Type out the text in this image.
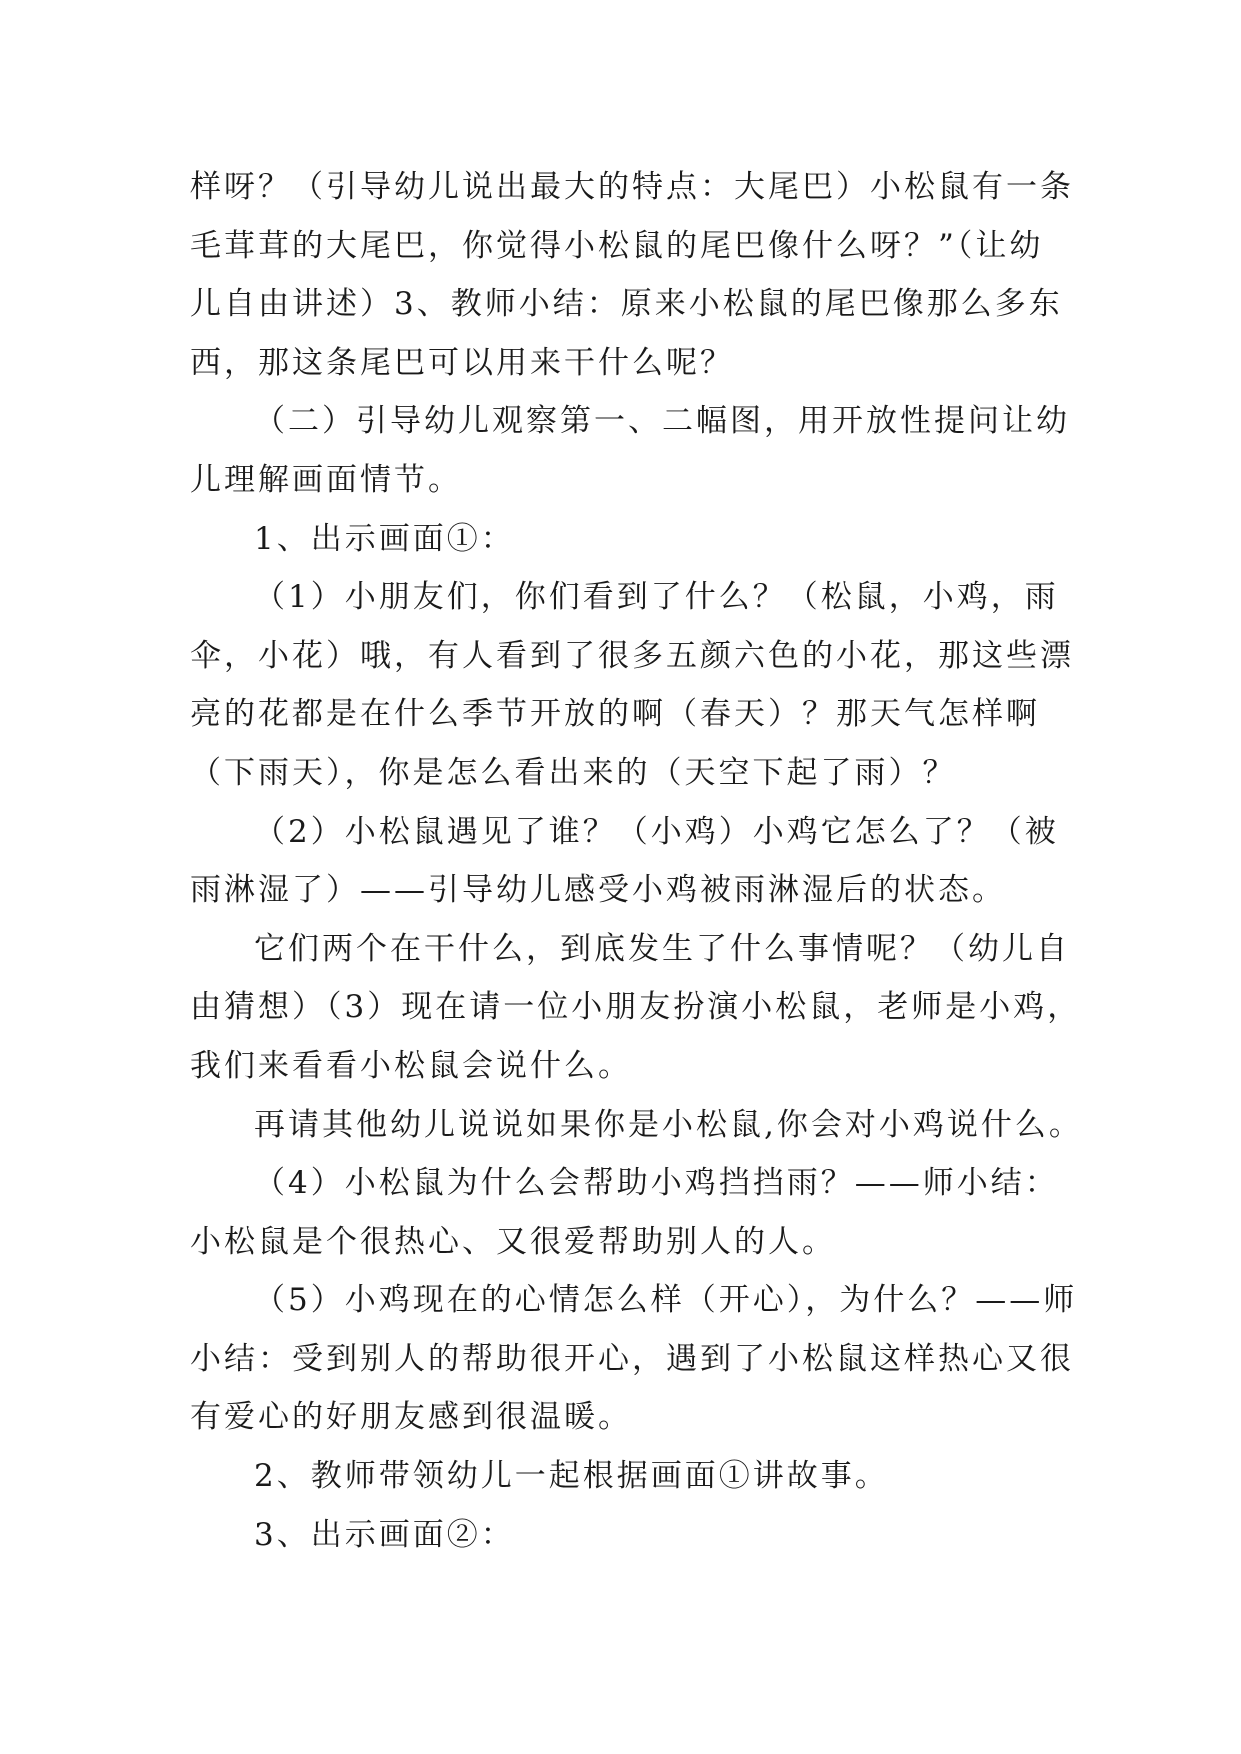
样呀？（引导幼儿说出最大的特点：大尾巴）小松鼠有一条
毛茸茸的大尾巴，你觉得小松鼠的尾巴像什么呀？”（让幼
儿自由讲述）3、教师小结：原来小松鼠的尾巴像那么多东
西，那这条尾巴可以用来干什么呢？
（二）引导幼儿观察第一、二幅图，用开放性提问让幼
儿理解画面情节。
1、出示画面①：
（1）小朋友们，你们看到了什么？（松鼠，小鸡，雨
伞，小花）哦，有人看到了很多五颜六色的小花，那这些漂
亮的花都是在什么季节开放的啊（春天）？那天气怎样啊
（下雨天），你是怎么看出来的（天空下起了雨）？
（2）小松鼠遇见了谁？（小鸡）小鸡它怎么了？（被
雨淋湿了）——引导幼儿感受小鸡被雨淋湿后的状态。
它们两个在干什么，到底发生了什么事情呢？（幼儿自
由猜想）（3）现在请一位小朋友扮演小松鼠，老师是小鸡，
我们来看看小松鼠会说什么。
再请其他幼儿说说如果你是小松鼠,你会对小鸡说什么。
（4）小松鼠为什么会帮助小鸡挡挡雨？——师小结：
小松鼠是个很热心、又很爱帮助别人的人。
（5）小鸡现在的心情怎么样（开心），为什么？——师
小结：受到别人的帮助很开心，遇到了小松鼠这样热心又很
有爱心的好朋友感到很温暖。
2、教师带领幼儿一起根据画面①讲故事。
3、出示画面②：
